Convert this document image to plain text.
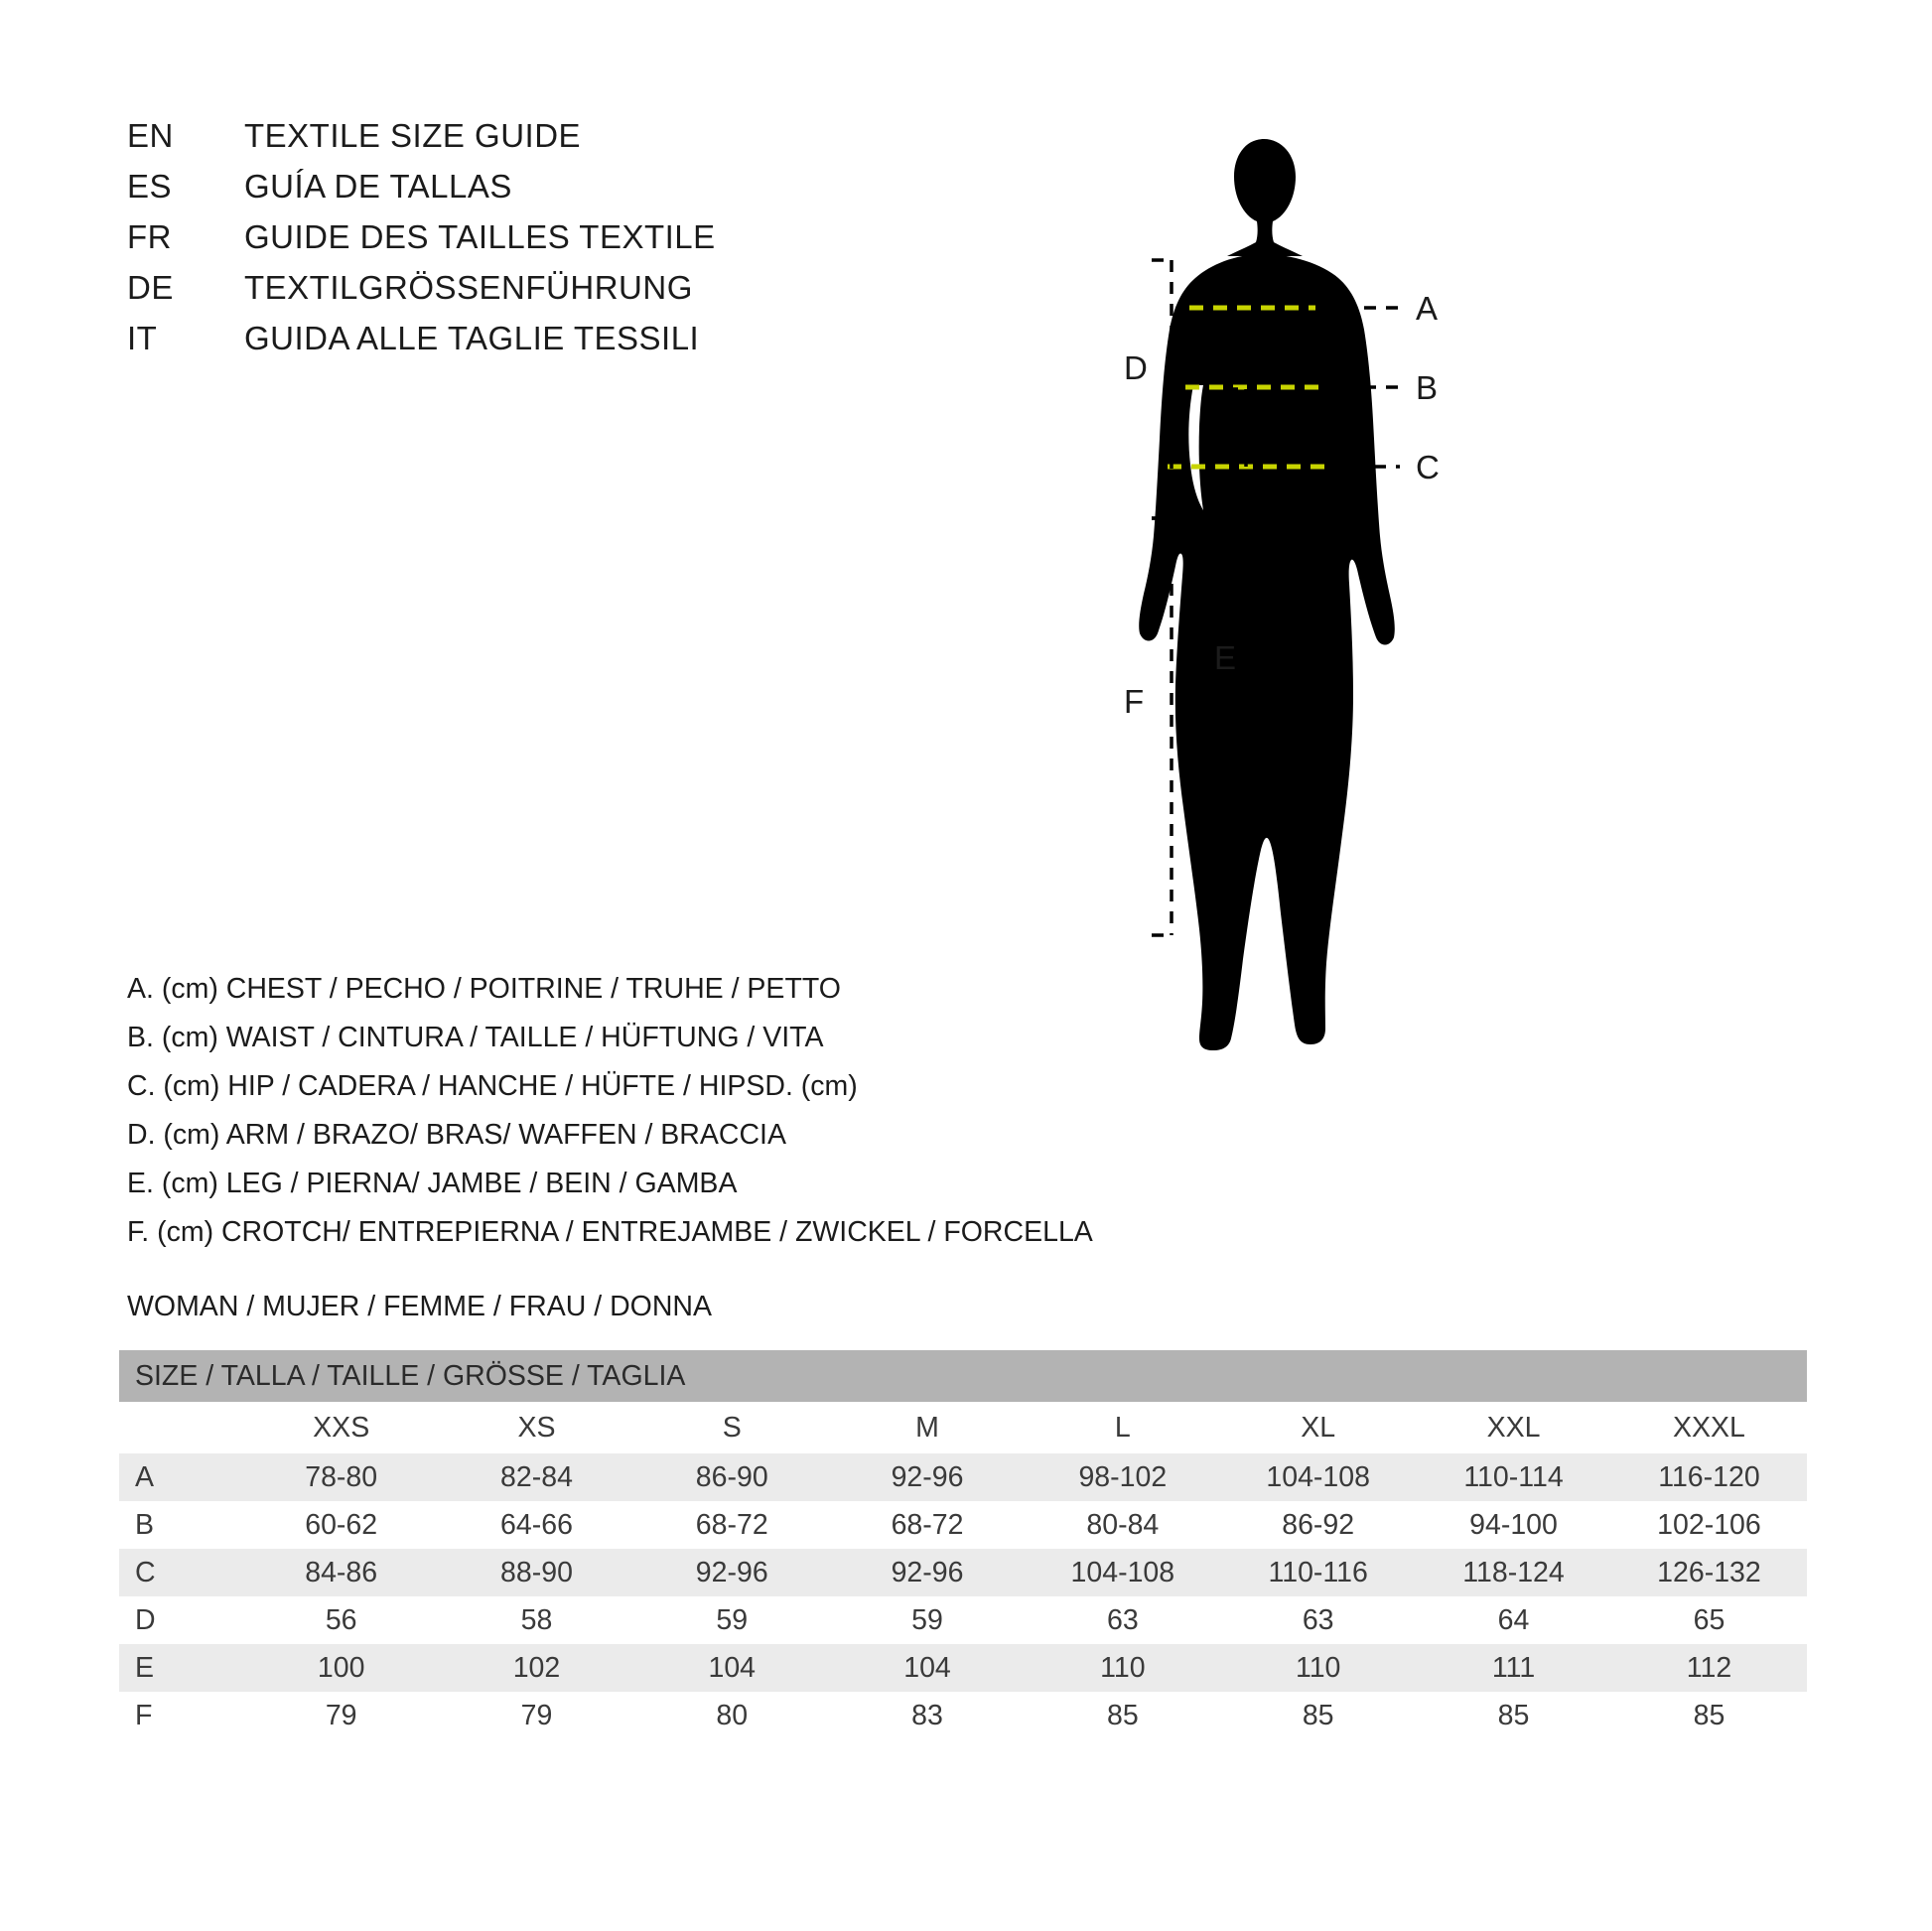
EN	TEXTILE SIZE GUIDE
ES	GUÍA DE TALLAS
FR	GUIDE DES TAILLES TEXTILE
DE	TEXTILGRÖSSENFÜHRUNG
IT	GUIDA ALLE TAGLIE TESSILI
A
B
C
D
F
E
A. (cm) CHEST / PECHO / POITRINE / TRUHE / PETTO
B. (cm) WAIST / CINTURA / TAILLE / HÜFTUNG / VITA
C. (cm) HIP / CADERA / HANCHE / HÜFTE / HIPSD. (cm)
D. (cm) ARM / BRAZO/ BRAS/ WAFFEN / BRACCIA
E. (cm) LEG / PIERNA/ JAMBE / BEIN / GAMBA
F. (cm) CROTCH/ ENTREPIERNA / ENTREJAMBE / ZWICKEL / FORCELLA
WOMAN / MUJER / FEMME / FRAU / DONNA
SIZE / TALLA / TAILLE / GRÖSSE / TAGLIA								
	XXS	XS	S	M	L	XL	XXL	XXXL
A	78-80	82-84	86-90	92-96	98-102	104-108	110-114	116-120
B	60-62	64-66	68-72	68-72	80-84	86-92	94-100	102-106
C	84-86	88-90	92-96	92-96	104-108	110-116	118-124	126-132
D	56	58	59	59	63	63	64	65
E	100	102	104	104	110	110	111	112
F	79	79	80	83	85	85	85	85
